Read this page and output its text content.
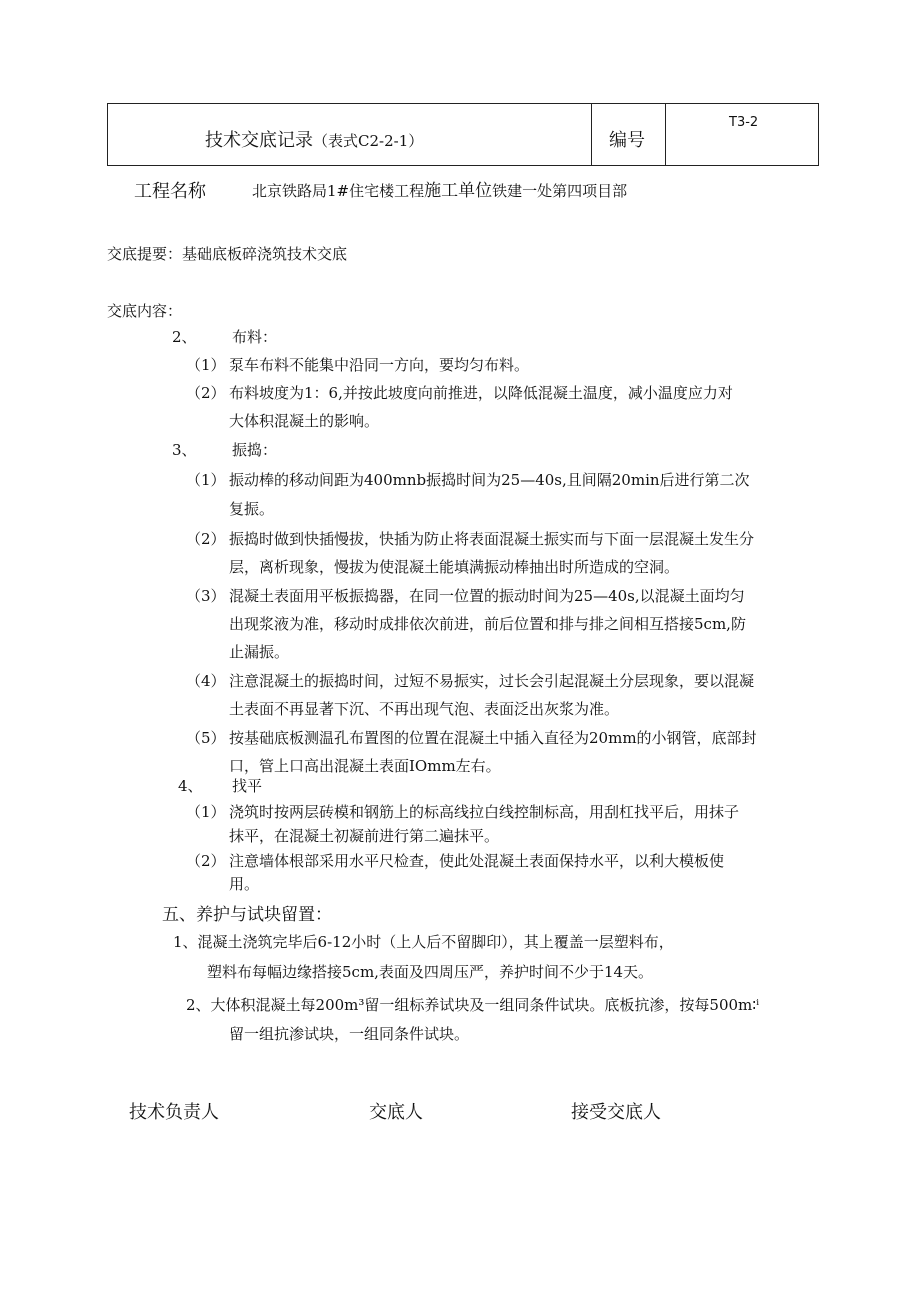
技术交底记录（表式C2-2-1）	编号
T3-2
工程名称	北京铁路局1#住宅楼工程施工单位铁建一处第四项目部
交底提要：基础底板碎浇筑技术交底
交底内容：
2、 布料：
（1） 泵车布料不能集中沿同一方向，要均匀布料。
（2） 布料坡度为1：6,并按此坡度向前推进，以降低混凝土温度，减小温度应力对
大体积混凝土的影响。
3、 振捣：
（1） 振动棒的移动间距为400mnb振捣时间为25—40s,且间隔20min后进行第二次
复振。
（2） 振捣时做到快插慢拔，快插为防止将表面混凝土振实而与下面一层混凝土发生分
层，离析现象，慢拔为使混凝土能填满振动棒抽出时所造成的空洞。
（3） 混凝土表面用平板振捣器，在同一位置的振动时间为25—40s,以混凝土面均匀
出现浆液为准，移动时成排依次前进，前后位置和排与排之间相互搭接5cm,防
止漏振。
（4） 注意混凝土的振捣时间，过短不易振实，过长会引起混凝土分层现象，要以混凝
土表面不再显著下沉、不再出现气泡、表面泛出灰浆为准。
（5） 按基础底板测温孔布置图的位置在混凝土中插入直径为20mm的小钢管，底部封
口，管上口高出混凝土表面IOmm左右。
4、 找平
（1） 浇筑时按两层砖模和钢筋上的标高线拉白线控制标高，用刮杠找平后，用抹子
抹平，在混凝土初凝前进行第二遍抹平。
（2） 注意墙体根部采用水平尺检查，使此处混凝土表面保持水平，以利大模板使
用。
五、养护与试块留置：
1、混凝土浇筑完毕后6-12小时（上人后不留脚印），其上覆盖一层塑料布，
塑料布每幅边缘搭接5cm,表面及四周压严，养护时间不少于14天。
2、大体积混凝土每200m³留一组标养试块及一组同条件试块。底板抗渗，按每500m∶ⁱ
留一组抗渗试块，一组同条件试块。
技术负责人	交底人	接受交底人
